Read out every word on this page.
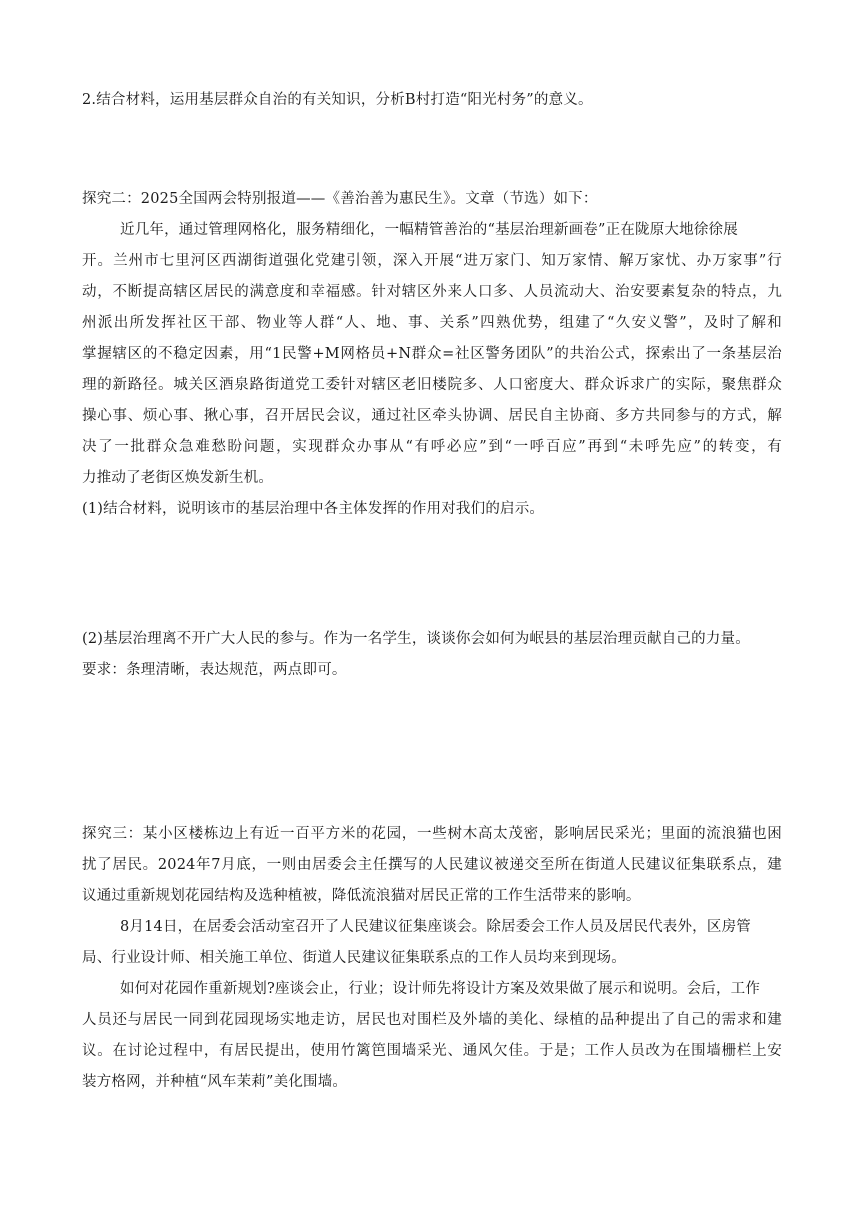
2.结合材料，运用基层群众自治的有关知识，分析B村打造“阳光村务”的意义。
探究二：2025全国两会特别报道——《善治善为惠民生》。文章（节选）如下：
近几年，通过管理网格化，服务精细化，一幅精管善治的“基层治理新画卷”正在陇原大地徐徐展
开。兰州市七里河区西湖街道强化党建引领，深入开展“进万家门、知万家情、解万家忧、办万家事”行
动，不断提高辖区居民的满意度和幸福感。针对辖区外来人口多、人员流动大、治安要素复杂的特点，九
州派出所发挥社区干部、物业等人群“人、地、事、关系”四熟优势，组建了“久安义警”，及时了解和
掌握辖区的不稳定因素，用“1民警+M网格员+N群众=社区警务团队”的共治公式，探索出了一条基层治
理的新路径。城关区酒泉路街道党工委针对辖区老旧楼院多、人口密度大、群众诉求广的实际，聚焦群众
操心事、烦心事、揪心事，召开居民会议，通过社区牵头协调、居民自主协商、多方共同参与的方式，解
决了一批群众急难愁盼问题，实现群众办事从“有呼必应”到“一呼百应”再到“未呼先应”的转变，有
力推动了老街区焕发新生机。
(1)结合材料，说明该市的基层治理中各主体发挥的作用对我们的启示。
(2)基层治理离不开广大人民的参与。作为一名学生，谈谈你会如何为岷县的基层治理贡献自己的力量。
要求：条理清晰，表达规范，两点即可。
探究三：某小区楼栋边上有近一百平方米的花园，一些树木高太茂密，影响居民采光；里面的流浪猫也困
扰了居民。2024年7月底，一则由居委会主任撰写的人民建议被递交至所在街道人民建议征集联系点，建
议通过重新规划花园结构及选种植被，降低流浪猫对居民正常的工作生活带来的影响。
8月14日，在居委会活动室召开了人民建议征集座谈会。除居委会工作人员及居民代表外，区房管
局、行业设计师、相关施工单位、街道人民建议征集联系点的工作人员均来到现场。
如何对花园作重新规划?座谈会止，行业；设计师先将设计方案及效果做了展示和说明。会后，工作
人员还与居民一同到花园现场实地走访，居民也对围栏及外墙的美化、绿植的品种提出了自己的需求和建
议。在讨论过程中，有居民提出，使用竹篱笆围墙采光、通风欠佳。于是；工作人员改为在围墙栅栏上安
装方格网，并种植“风车茉莉”美化围墙。
